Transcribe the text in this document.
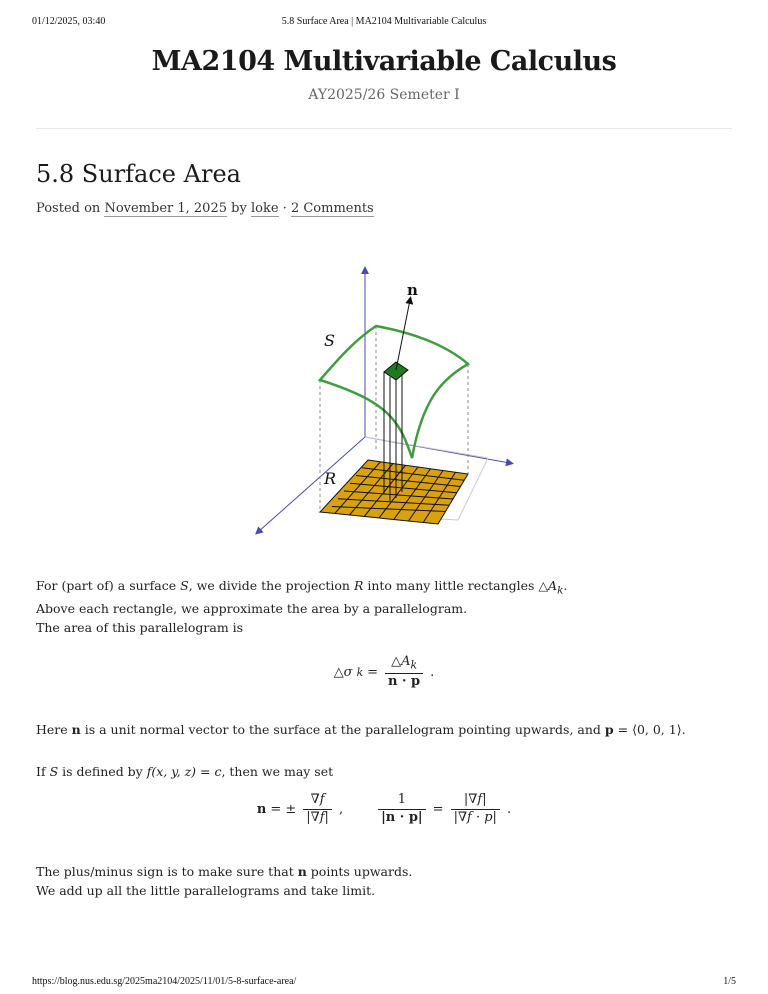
01/12/2025, 03:40	5.8 Surface Area | MA2104 Multivariable Calculus
MA2104 Multivariable Calculus
AY2025/26 Semeter I
5.8 Surface Area
Posted on November 1, 2025 by loke · 2 Comments
n
S
R
For (part of) a surface S, we divide the projection R into many little rectangles $\triangle A_k$.
Above each rectangle, we approximate the area by a parallelogram.
The area of this parallelogram is
△σ $k = \frac{\triangle A_k}{n \cdot p}$ .
Here n is a unit normal vector to the surface at the parallelogram pointing upwards, and p = ⟨0, 0, 1⟩.
If S is defined by f(x, y, z) = c, then we may set
n = ± $\frac{\nabla f}{|\nabla f|}$ ,	$\frac{1}{|n \cdot p|} = \frac{|\nabla f|}{|\nabla f \cdot p|}$ .
The plus/minus sign is to make sure that n points upwards.
We add up all the little parallelograms and take limit.
https://blog.nus.edu.sg/2025ma2104/2025/11/01/5-8-surface-area/	1/5
